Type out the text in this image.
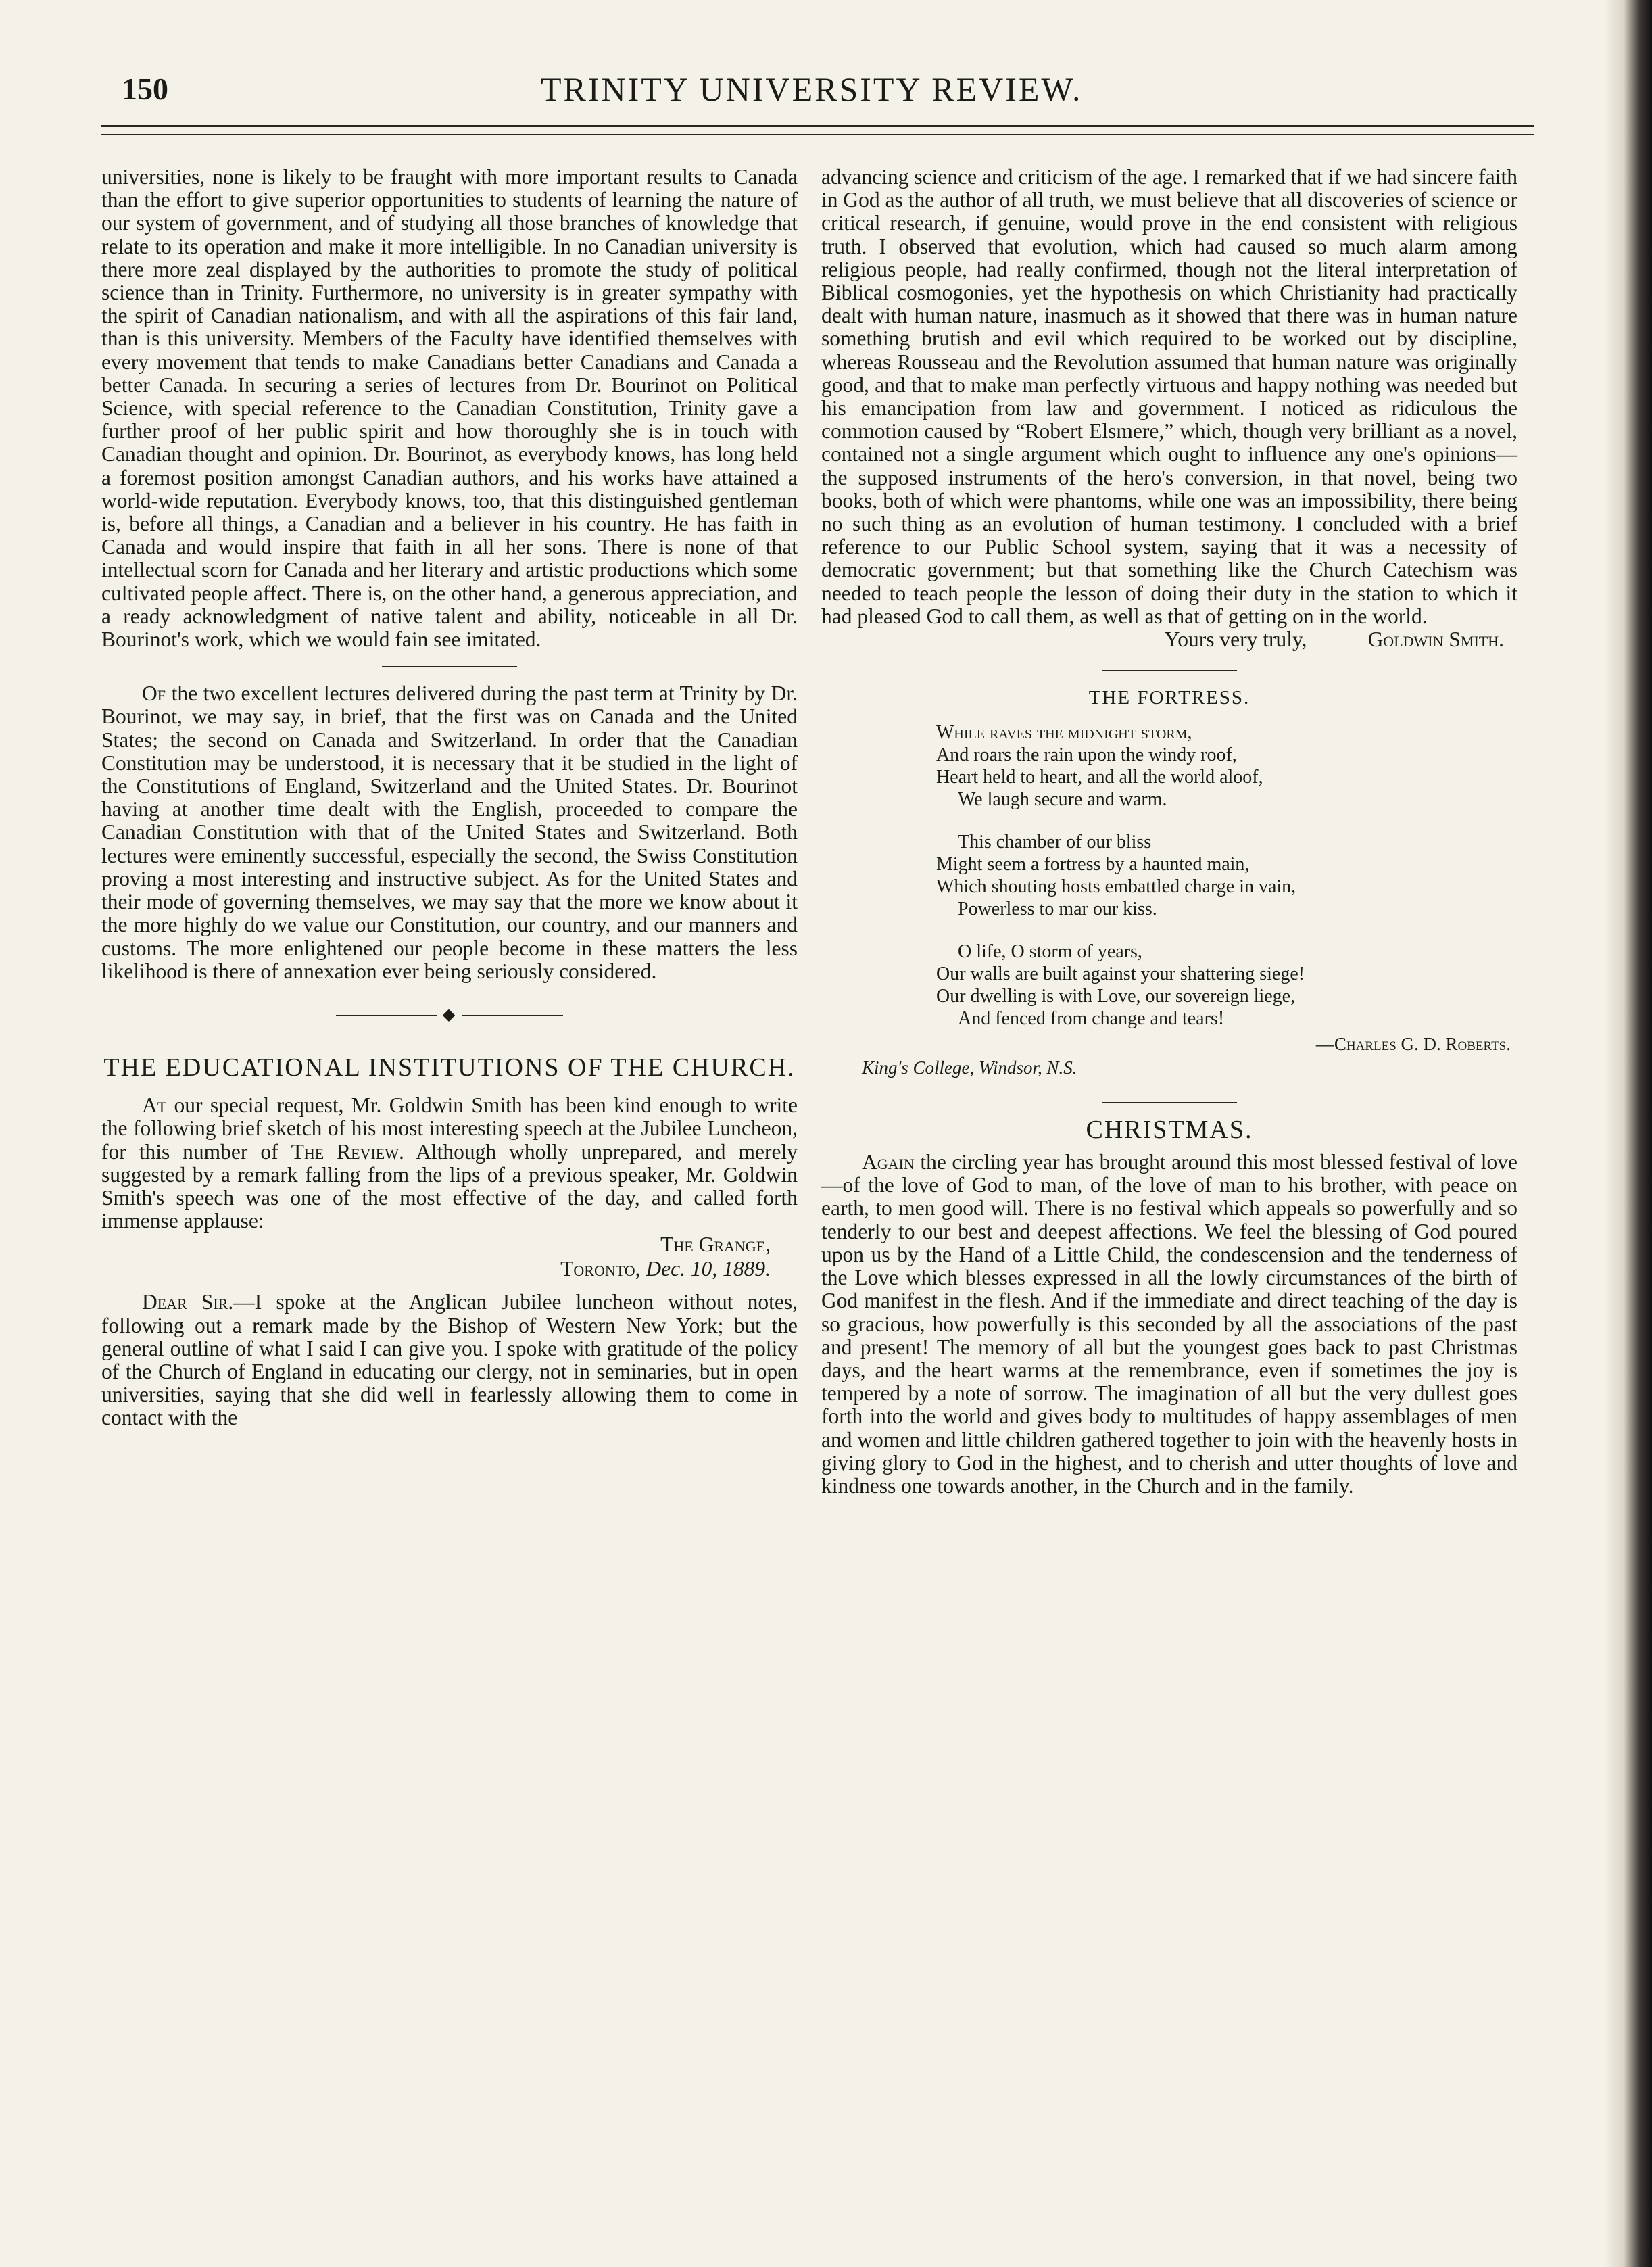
150	TRINITY UNIVERSITY REVIEW.

universities, none is likely to be fraught with more important results to Canada than the effort to give superior opportunities to students of learning the nature of our system of government, and of studying all those branches of knowledge that relate to its operation and make it more intelligible. In no Canadian university is there more zeal displayed by the authorities to promote the study of political science than in Trinity. Furthermore, no university is in greater sympathy with the spirit of Canadian nationalism, and with all the aspirations of this fair land, than is this university. Members of the Faculty have identified themselves with every movement that tends to make Canadians better Canadians and Canada a better Canada. In securing a series of lectures from Dr. Bourinot on Political Science, with special reference to the Canadian Constitution, Trinity gave a further proof of her public spirit and how thoroughly she is in touch with Canadian thought and opinion. Dr. Bourinot, as everybody knows, has long held a foremost position amongst Canadian authors, and his works have attained a world-wide reputation. Everybody knows, too, that this distinguished gentleman is, before all things, a Canadian and a believer in his country. He has faith in Canada and would inspire that faith in all her sons. There is none of that intellectual scorn for Canada and her literary and artistic productions which some cultivated people affect. There is, on the other hand, a generous appreciation, and a ready acknowledgment of native talent and ability, noticeable in all Dr. Bourinot's work, which we would fain see imitated.

Of the two excellent lectures delivered during the past term at Trinity by Dr. Bourinot, we may say, in brief, that the first was on Canada and the United States; the second on Canada and Switzerland. In order that the Canadian Constitution may be understood, it is necessary that it be studied in the light of the Constitutions of England, Switzerland and the United States. Dr. Bourinot having at another time dealt with the English, proceeded to compare the Canadian Constitution with that of the United States and Switzerland. Both lectures were eminently successful, especially the second, the Swiss Constitution proving a most interesting and instructive subject. As for the United States and their mode of governing themselves, we may say that the more we know about it the more highly do we value our Constitution, our country, and our manners and customs. The more enlightened our people become in these matters the less likelihood is there of annexation ever being seriously considered.

◆
THE EDUCATIONAL INSTITUTIONS OF THE CHURCH.

At our special request, Mr. Goldwin Smith has been kind enough to write the following brief sketch of his most interesting speech at the Jubilee Luncheon, for this number of The Review. Although wholly unprepared, and merely suggested by a remark falling from the lips of a previous speaker, Mr. Goldwin Smith's speech was one of the most effective of the day, and called forth immense applause:

The Grange,
Toronto, Dec. 10, 1889.

Dear Sir.—I spoke at the Anglican Jubilee luncheon without notes, following out a remark made by the Bishop of Western New York; but the general outline of what I said I can give you. I spoke with gratitude of the policy of the Church of England in educating our clergy, not in seminaries, but in open universities, saying that she did well in fearlessly allowing them to come in contact with the

advancing science and criticism of the age. I remarked that if we had sincere faith in God as the author of all truth, we must believe that all discoveries of science or critical research, if genuine, would prove in the end consistent with religious truth. I observed that evolution, which had caused so much alarm among religious people, had really confirmed, though not the literal interpretation of Biblical cosmogonies, yet the hypothesis on which Christianity had practically dealt with human nature, inasmuch as it showed that there was in human nature something brutish and evil which required to be worked out by discipline, whereas Rousseau and the Revolution assumed that human nature was originally good, and that to make man perfectly virtuous and happy nothing was needed but his emancipation from law and government. I noticed as ridiculous the commotion caused by “Robert Elsmere,” which, though very brilliant as a novel, contained not a single argument which ought to influence any one's opinions—the supposed instruments of the hero's conversion, in that novel, being two books, both of which were phantoms, while one was an impossibility, there being no such thing as an evolution of human testimony. I concluded with a brief reference to our Public School system, saying that it was a necessity of democratic government; but that something like the Church Catechism was needed to teach people the lesson of doing their duty in the station to which it had pleased God to call them, as well as that of getting on in the world.

Yours very truly,	Goldwin Smith.
THE FORTRESS.
While raves the midnight storm,
And roars the rain upon the windy roof,
Heart held to heart, and all the world aloof,
We laugh secure and warm.
This chamber of our bliss
Might seem a fortress by a haunted main,
Which shouting hosts embattled charge in vain,
Powerless to mar our kiss.
O life, O storm of years,
Our walls are built against your shattering siege!
Our dwelling is with Love, our sovereign liege,
And fenced from change and tears!
—Charles G. D. Roberts.
King's College, Windsor, N.S.
CHRISTMAS.

Again the circling year has brought around this most blessed festival of love—of the love of God to man, of the love of man to his brother, with peace on earth, to men good will. There is no festival which appeals so powerfully and so tenderly to our best and deepest affections. We feel the blessing of God poured upon us by the Hand of a Little Child, the condescension and the tenderness of the Love which blesses expressed in all the lowly circumstances of the birth of God manifest in the flesh. And if the immediate and direct teaching of the day is so gracious, how powerfully is this seconded by all the associations of the past and present! The memory of all but the youngest goes back to past Christmas days, and the heart warms at the remembrance, even if sometimes the joy is tempered by a note of sorrow. The imagination of all but the very dullest goes forth into the world and gives body to multitudes of happy assemblages of men and women and little children gathered together to join with the heavenly hosts in giving glory to God in the highest, and to cherish and utter thoughts of love and kindness one towards another, in the Church and in the family.
